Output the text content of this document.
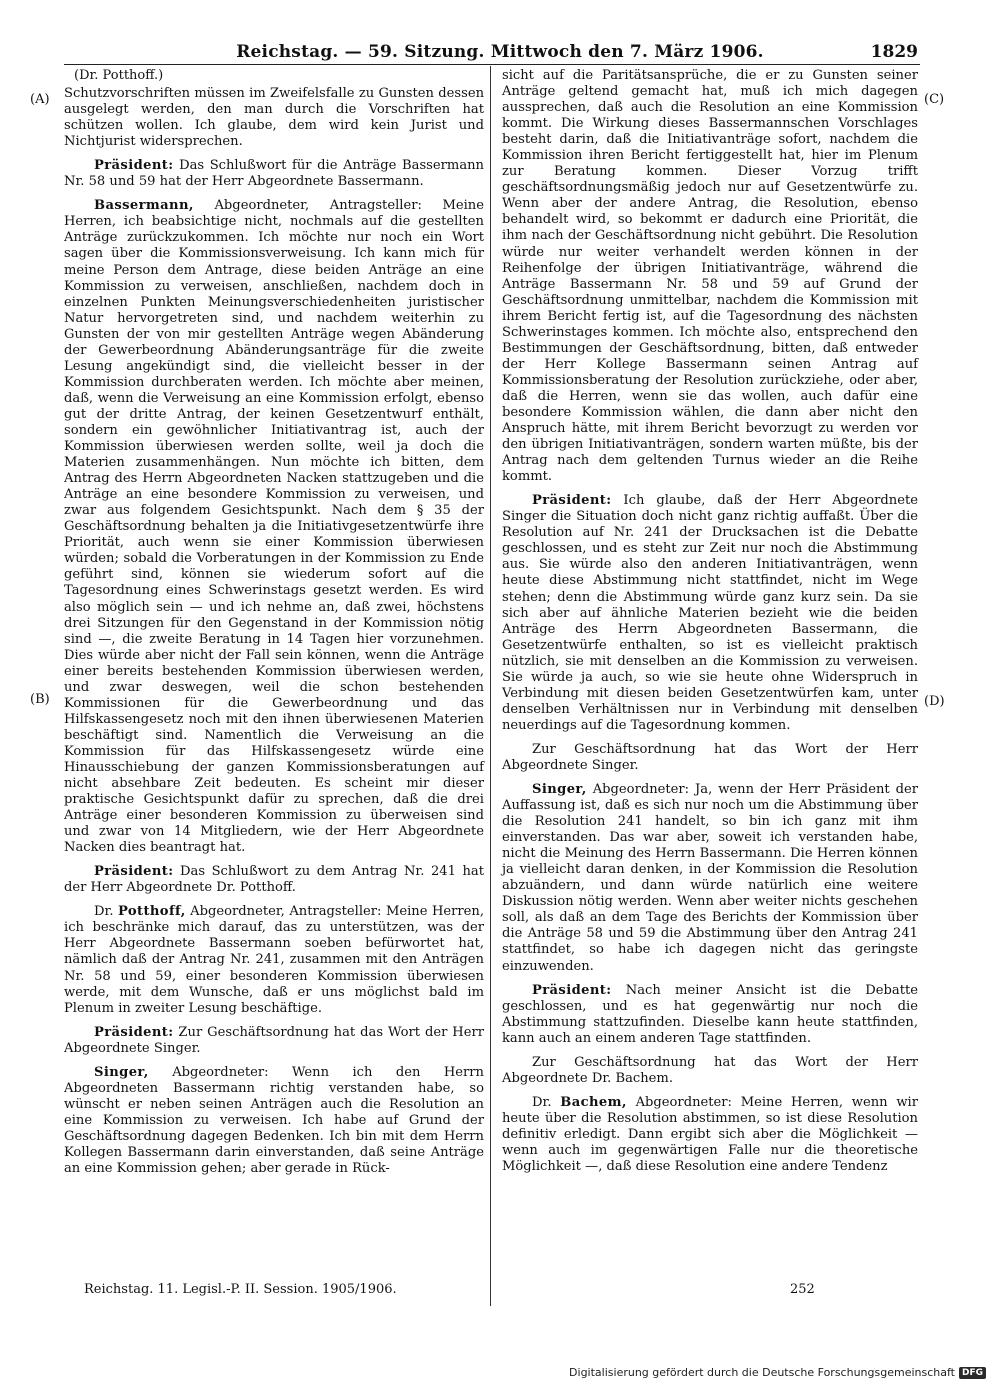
Reichstag. — 59. Sitzung. Mittwoch den 7. März 1906.	1829
(A)
(B)
(C)
(D)
(Dr. Potthoff.)

Schutzvorschriften müssen im Zweifelsfalle zu Gunsten dessen ausgelegt werden, den man durch die Vorschriften hat schützen wollen. Ich glaube, dem wird kein Jurist und Nichtjurist widersprechen.

Präsident: Das Schlußwort für die Anträge Bassermann Nr. 58 und 59 hat der Herr Abgeordnete Bassermann.

Bassermann, Abgeordneter, Antragsteller: Meine Herren, ich beabsichtige nicht, nochmals auf die gestellten Anträge zurückzukommen. Ich möchte nur noch ein Wort sagen über die Kommissionsverweisung. Ich kann mich für meine Person dem Antrage, diese beiden Anträge an eine Kommission zu verweisen, anschließen, nachdem doch in einzelnen Punkten Meinungsverschiedenheiten juristischer Natur hervorgetreten sind, und nachdem weiterhin zu Gunsten der von mir gestellten Anträge wegen Abänderung der Gewerbeordnung Abänderungsanträge für die zweite Lesung angekündigt sind, die vielleicht besser in der Kommission durchberaten werden. Ich möchte aber meinen, daß, wenn die Verweisung an eine Kommission erfolgt, ebenso gut der dritte Antrag, der keinen Gesetzentwurf enthält, sondern ein gewöhnlicher Initiativantrag ist, auch der Kommission überwiesen werden sollte, weil ja doch die Materien zusammenhängen. Nun möchte ich bitten, dem Antrag des Herrn Abgeordneten Nacken stattzugeben und die Anträge an eine besondere Kommission zu verweisen, und zwar aus folgendem Gesichtspunkt. Nach dem § 35 der Geschäftsordnung behalten ja die Initiativgesetzentwürfe ihre Priorität, auch wenn sie einer Kommission überwiesen würden; sobald die Vorberatungen in der Kommission zu Ende geführt sind, können sie wiederum sofort auf die Tagesordnung eines Schwerinstags gesetzt werden. Es wird also möglich sein — und ich nehme an, daß zwei, höchstens drei Sitzungen für den Gegenstand in der Kommission nötig sind —, die zweite Beratung in 14 Tagen hier vorzunehmen. Dies würde aber nicht der Fall sein können, wenn die Anträge einer bereits bestehenden Kommission überwiesen werden, und zwar deswegen, weil die schon bestehenden Kommissionen für die Gewerbeordnung und das Hilfskassengesetz noch mit den ihnen überwiesenen Materien beschäftigt sind. Namentlich die Verweisung an die Kommission für das Hilfskassengesetz würde eine Hinausschiebung der ganzen Kommissionsberatungen auf nicht absehbare Zeit bedeuten. Es scheint mir dieser praktische Gesichtspunkt dafür zu sprechen, daß die drei Anträge einer besonderen Kommission zu überweisen sind und zwar von 14 Mitgliedern, wie der Herr Abgeordnete Nacken dies beantragt hat.

Präsident: Das Schlußwort zu dem Antrag Nr. 241 hat der Herr Abgeordnete Dr. Potthoff.

Dr. Potthoff, Abgeordneter, Antragsteller: Meine Herren, ich beschränke mich darauf, das zu unterstützen, was der Herr Abgeordnete Bassermann soeben befürwortet hat, nämlich daß der Antrag Nr. 241, zusammen mit den Anträgen Nr. 58 und 59, einer besonderen Kommission überwiesen werde, mit dem Wunsche, daß er uns möglichst bald im Plenum in zweiter Lesung beschäftige.

Präsident: Zur Geschäftsordnung hat das Wort der Herr Abgeordnete Singer.

Singer, Abgeordneter: Wenn ich den Herrn Abgeordneten Bassermann richtig verstanden habe, so wünscht er neben seinen Anträgen auch die Resolution an eine Kommission zu verweisen. Ich habe auf Grund der Geschäftsordnung dagegen Bedenken. Ich bin mit dem Herrn Kollegen Bassermann darin einverstanden, daß seine Anträge an eine Kommission gehen; aber gerade in Rück-

sicht auf die Paritätsansprüche, die er zu Gunsten seiner Anträge geltend gemacht hat, muß ich mich dagegen aussprechen, daß auch die Resolution an eine Kommission kommt. Die Wirkung dieses Bassermannschen Vorschlages besteht darin, daß die Initiativanträge sofort, nachdem die Kommission ihren Bericht fertiggestellt hat, hier im Plenum zur Beratung kommen. Dieser Vorzug trifft geschäftsordnungsmäßig jedoch nur auf Gesetzentwürfe zu. Wenn aber der andere Antrag, die Resolution, ebenso behandelt wird, so bekommt er dadurch eine Priorität, die ihm nach der Geschäftsordnung nicht gebührt. Die Resolution würde nur weiter verhandelt werden können in der Reihenfolge der übrigen Initiativanträge, während die Anträge Bassermann Nr. 58 und 59 auf Grund der Geschäftsordnung unmittelbar, nachdem die Kommission mit ihrem Bericht fertig ist, auf die Tagesordnung des nächsten Schwerinstages kommen. Ich möchte also, entsprechend den Bestimmungen der Geschäftsordnung, bitten, daß entweder der Herr Kollege Bassermann seinen Antrag auf Kommissionsberatung der Resolution zurückziehe, oder aber, daß die Herren, wenn sie das wollen, auch dafür eine besondere Kommission wählen, die dann aber nicht den Anspruch hätte, mit ihrem Bericht bevorzugt zu werden vor den übrigen Initiativanträgen, sondern warten müßte, bis der Antrag nach dem geltenden Turnus wieder an die Reihe kommt.

Präsident: Ich glaube, daß der Herr Abgeordnete Singer die Situation doch nicht ganz richtig auffaßt. Über die Resolution auf Nr. 241 der Drucksachen ist die Debatte geschlossen, und es steht zur Zeit nur noch die Abstimmung aus. Sie würde also den anderen Initiativanträgen, wenn heute diese Abstimmung nicht stattfindet, nicht im Wege stehen; denn die Abstimmung würde ganz kurz sein. Da sie sich aber auf ähnliche Materien bezieht wie die beiden Anträge des Herrn Abgeordneten Bassermann, die Gesetzentwürfe enthalten, so ist es vielleicht praktisch nützlich, sie mit denselben an die Kommission zu verweisen. Sie würde ja auch, so wie sie heute ohne Widerspruch in Verbindung mit diesen beiden Gesetzentwürfen kam, unter denselben Verhältnissen nur in Verbindung mit denselben neuerdings auf die Tagesordnung kommen.

Zur Geschäftsordnung hat das Wort der Herr Abgeordnete Singer.

Singer, Abgeordneter: Ja, wenn der Herr Präsident der Auffassung ist, daß es sich nur noch um die Abstimmung über die Resolution 241 handelt, so bin ich ganz mit ihm einverstanden. Das war aber, soweit ich verstanden habe, nicht die Meinung des Herrn Bassermann. Die Herren können ja vielleicht daran denken, in der Kommission die Resolution abzuändern, und dann würde natürlich eine weitere Diskussion nötig werden. Wenn aber weiter nichts geschehen soll, als daß an dem Tage des Berichts der Kommission über die Anträge 58 und 59 die Abstimmung über den Antrag 241 stattfindet, so habe ich dagegen nicht das geringste einzuwenden.

Präsident: Nach meiner Ansicht ist die Debatte geschlossen, und es hat gegenwärtig nur noch die Abstimmung stattzufinden. Dieselbe kann heute stattfinden, kann auch an einem anderen Tage stattfinden.

Zur Geschäftsordnung hat das Wort der Herr Abgeordnete Dr. Bachem.

Dr. Bachem, Abgeordneter: Meine Herren, wenn wir heute über die Resolution abstimmen, so ist diese Resolution definitiv erledigt. Dann ergibt sich aber die Möglichkeit — wenn auch im gegenwärtigen Falle nur die theoretische Möglichkeit —, daß diese Resolution eine andere Tendenz

Reichstag. 11. Legisl.-P. II. Session. 1905/1906.	252
Digitalisierung gefördert durch die Deutsche Forschungsgemeinschaft DFG
